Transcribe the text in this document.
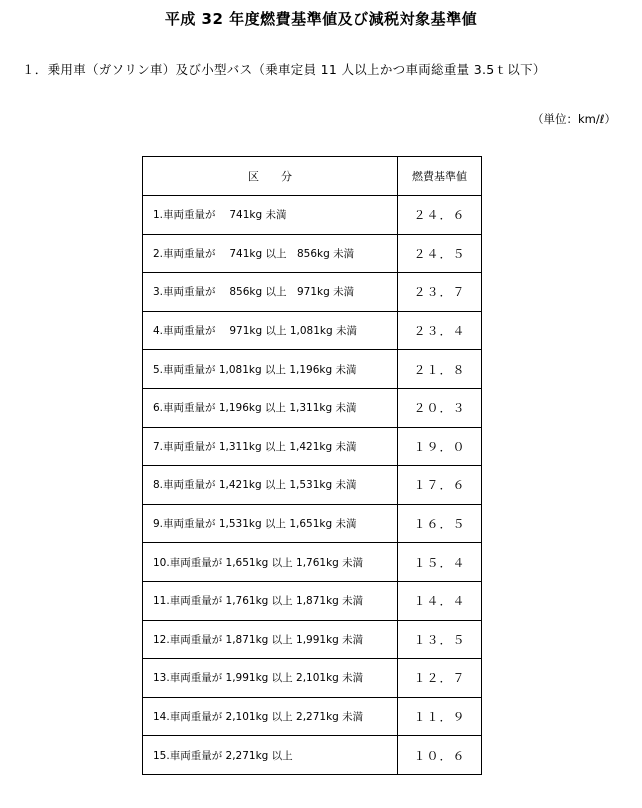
平成 32 年度燃費基準値及び減税対象基準値
１．乗用車（ガソリン車）及び小型バス（乗車定員 11 人以上かつ車両総重量 3.5ｔ以下）
（単位：km/ℓ）
区　　分	燃費基準値
1.車両重量が　 741kg 未満	２４．６
2.車両重量が　 741kg 以上　856kg 未満	２４．５
3.車両重量が　 856kg 以上　971kg 未満	２３．７
4.車両重量が　 971kg 以上 1,081kg 未満	２３．４
5.車両重量が 1,081kg 以上 1,196kg 未満	２１．８
6.車両重量が 1,196kg 以上 1,311kg 未満	２０．３
7.車両重量が 1,311kg 以上 1,421kg 未満	１９．０
8.車両重量が 1,421kg 以上 1,531kg 未満	１７．６
9.車両重量が 1,531kg 以上 1,651kg 未満	１６．５
10.車両重量が 1,651kg 以上 1,761kg 未満	１５．４
11.車両重量が 1,761kg 以上 1,871kg 未満	１４．４
12.車両重量が 1,871kg 以上 1,991kg 未満	１３．５
13.車両重量が 1,991kg 以上 2,101kg 未満	１２．７
14.車両重量が 2,101kg 以上 2,271kg 未満	１１．９
15.車両重量が 2,271kg 以上	１０．６
